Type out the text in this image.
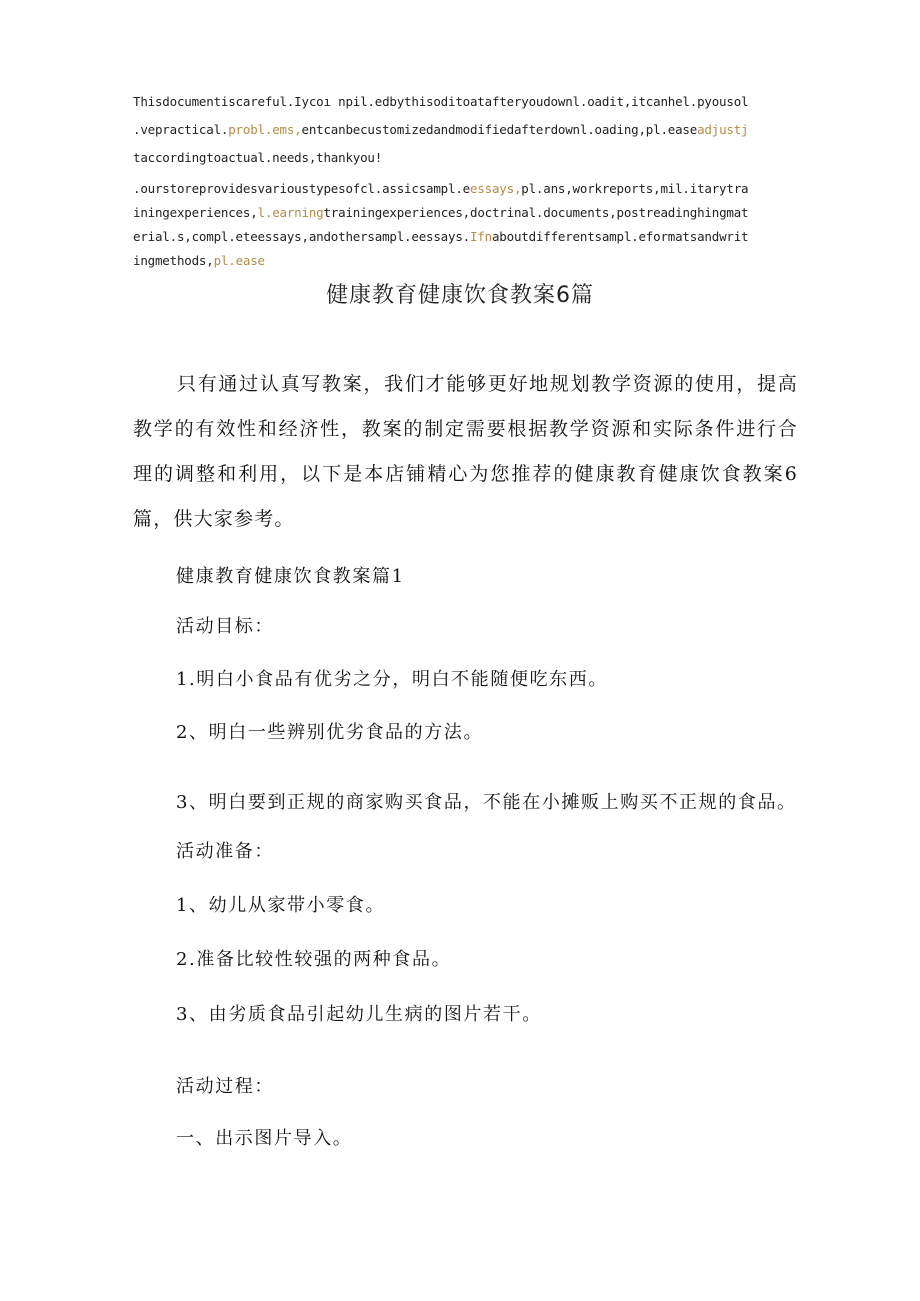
Thisdocumentiscareful.Iycoı npil.edbythisoditoatafteryoudownl.oadit,itcanhel.pyousol
.vepractical.probl.ems,entcanbecustomizedandmodifiedafterdownl.oading,pl.easeadjustj
taccordingtoactual.needs,thankyou!
.ourstoreprovidesvarioustypesofcl.assicsampl.eessays,pl.ans,workreports,mil.itarytra
iningexperiences,l.earningtrainingexperiences,doctrinal.documents,postreadinghingmat
erial.s,compl.eteessays,andothersampl.eessays.Ifnaboutdifferentsampl.eformatsandwrit
ingmethods,pl.ease
健康教育健康饮食教案6篇
只有通过认真写教案，我们才能够更好地规划教学资源的使用，提高教学的有效性和经济性，教案的制定需要根据教学资源和实际条件进行合理的调整和利用，以下是本店铺精心为您推荐的健康教育健康饮食教案6篇，供大家参考。
健康教育健康饮食教案篇1
活动目标：
1.明白小食品有优劣之分，明白不能随便吃东西。
2、明白一些辨别优劣食品的方法。
3、明白要到正规的商家购买食品，不能在小摊贩上购买不正规的食品。
活动准备：
1、幼儿从家带小零食。
2.准备比较性较强的两种食品。
3、由劣质食品引起幼儿生病的图片若干。
活动过程：
一、出示图片导入。
